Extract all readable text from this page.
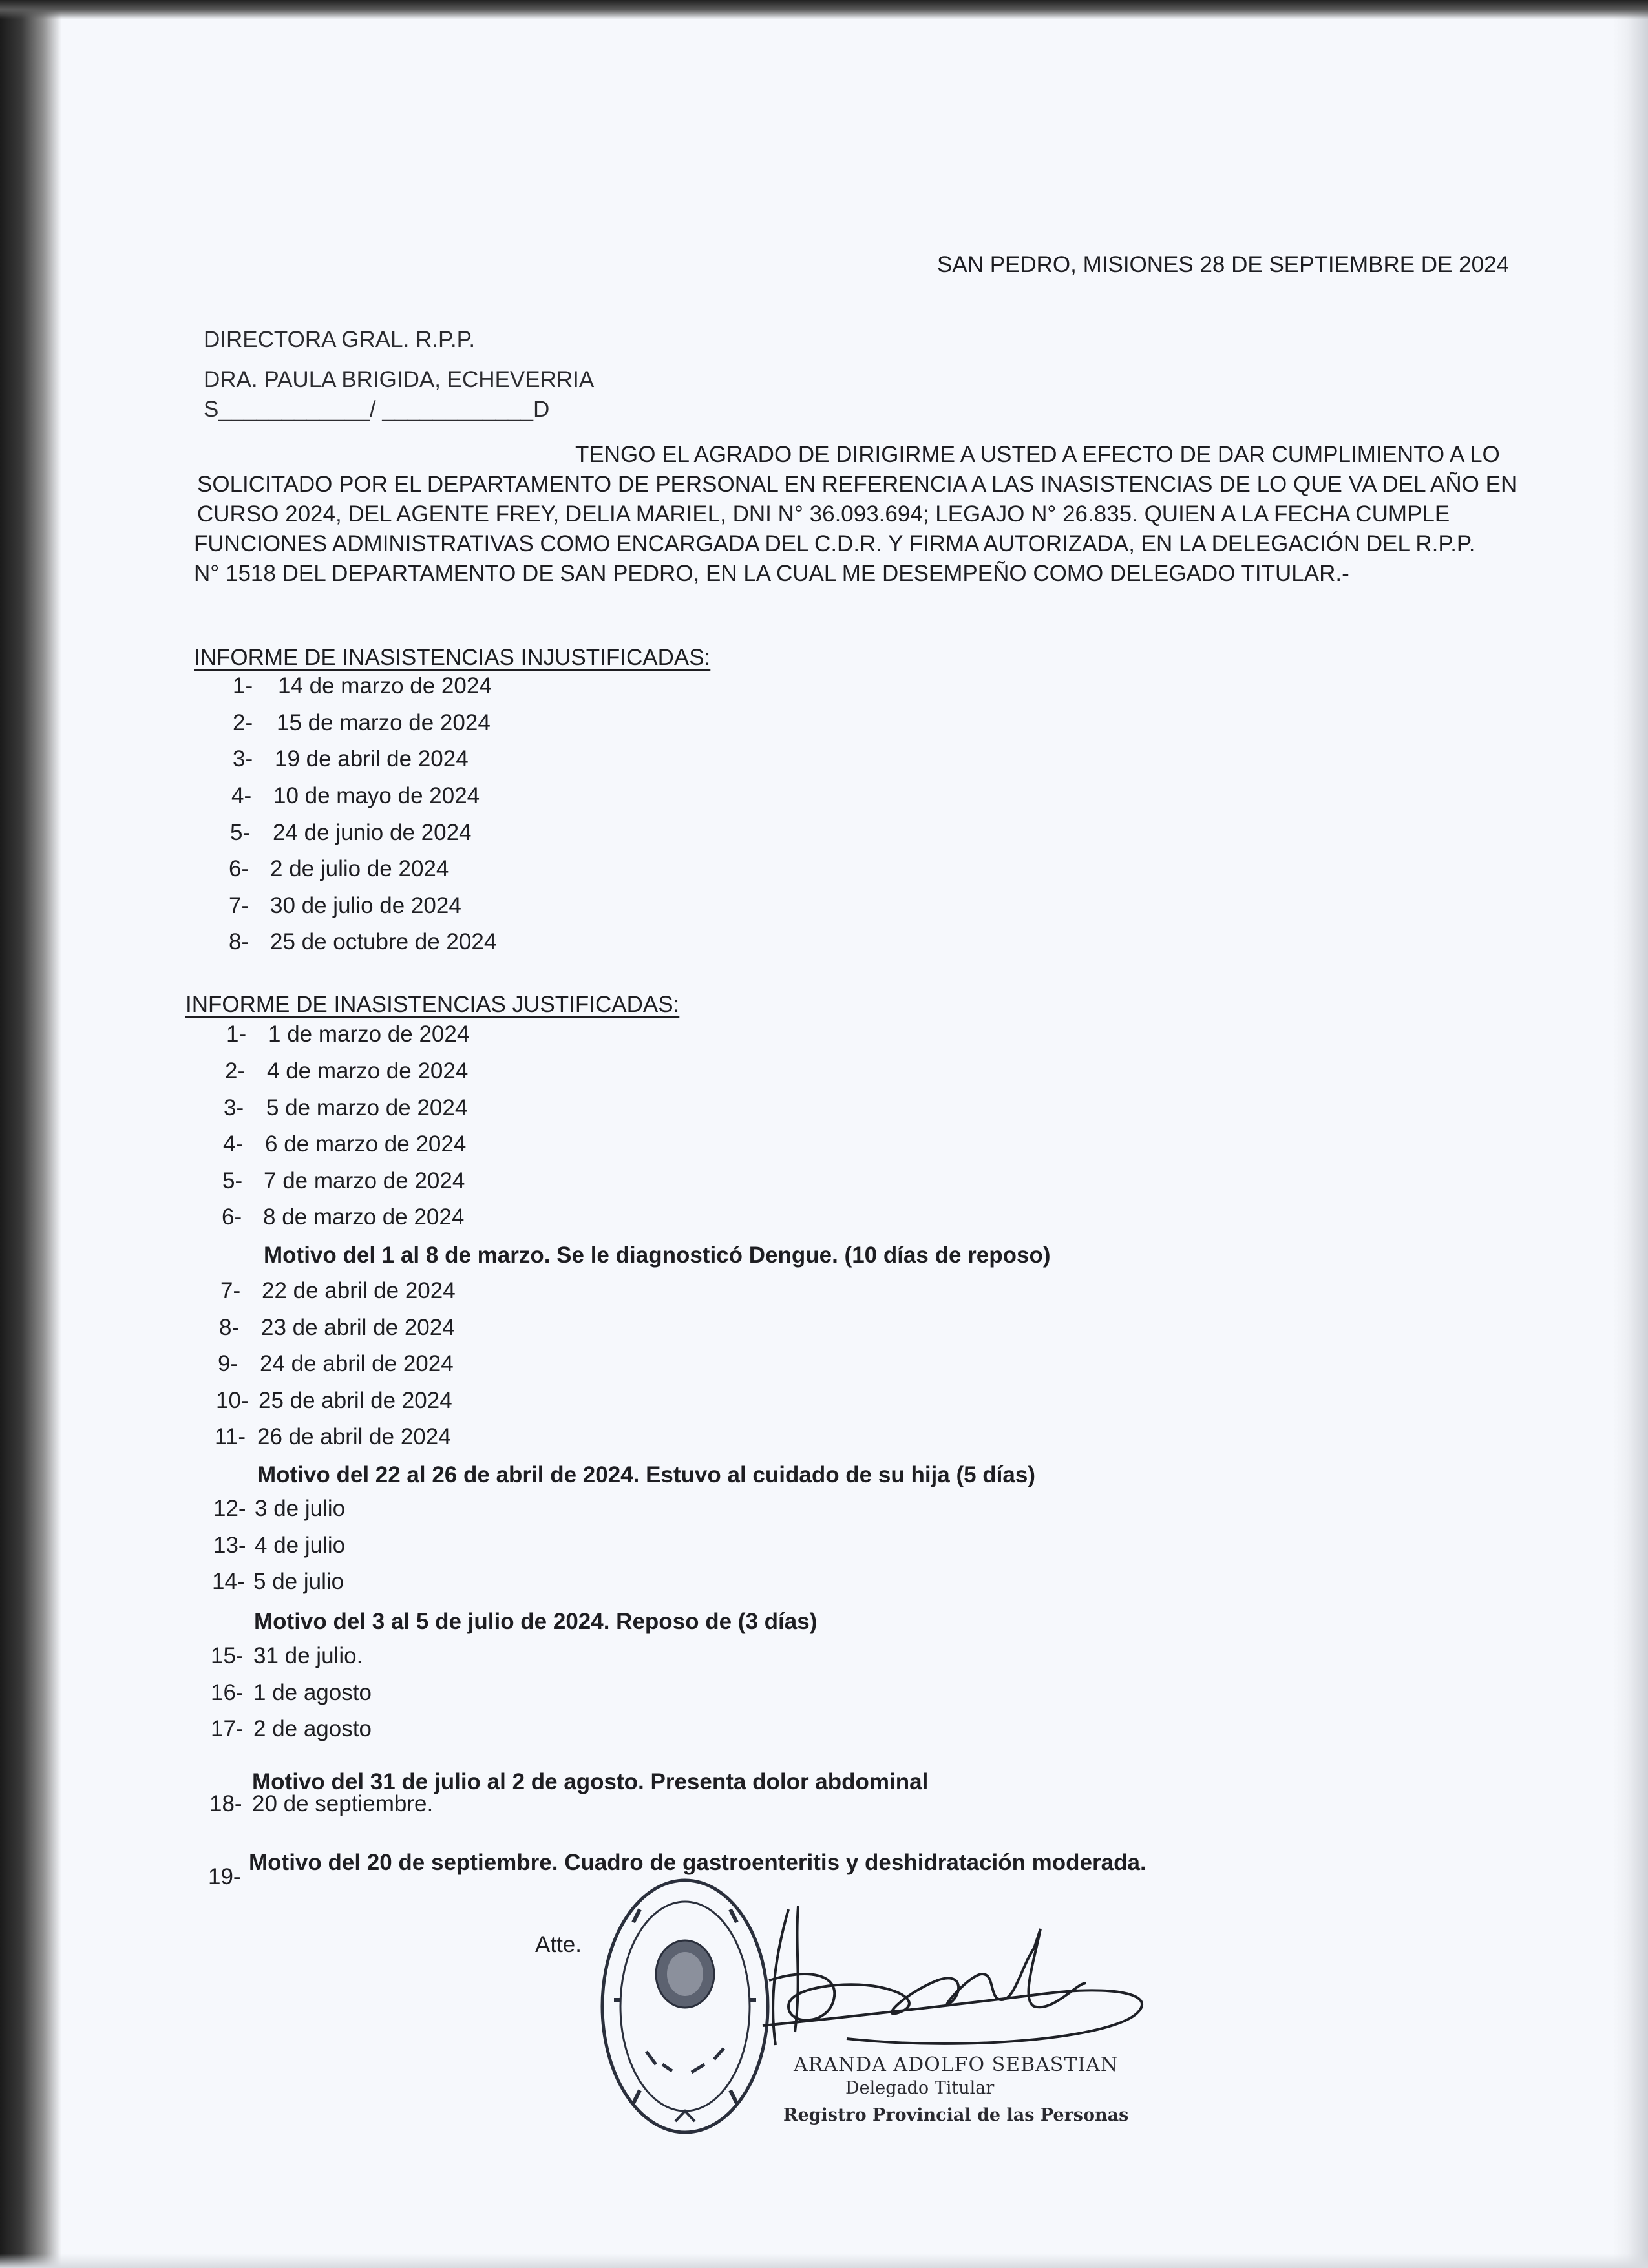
SAN PEDRO, MISIONES 28 DE SEPTIEMBRE DE 2024
DIRECTORA GRAL. R.P.P.
DRA. PAULA BRIGIDA, ECHEVERRIA
S____________/ ____________D
TENGO EL AGRADO DE DIRIGIRME A USTED A EFECTO DE DAR CUMPLIMIENTO A LO
SOLICITADO POR EL DEPARTAMENTO DE PERSONAL EN REFERENCIA A LAS INASISTENCIAS DE LO QUE VA DEL AÑO EN
CURSO 2024, DEL AGENTE FREY, DELIA MARIEL, DNI N° 36.093.694; LEGAJO N° 26.835. QUIEN A LA FECHA CUMPLE
FUNCIONES ADMINISTRATIVAS COMO ENCARGADA DEL C.D.R. Y FIRMA AUTORIZADA, EN LA DELEGACIÓN DEL R.P.P.
N° 1518 DEL DEPARTAMENTO DE SAN PEDRO, EN LA CUAL ME DESEMPEÑO COMO DELEGADO TITULAR.-
INFORME DE INASISTENCIAS INJUSTIFICADAS:
1- 14 de marzo de 2024
2- 15 de marzo de 2024
3- 19 de abril de 2024
4- 10 de mayo de 2024
5- 24 de junio de 2024
6- 2 de julio de 2024
7- 30 de julio de 2024
8- 25 de octubre de 2024
INFORME DE INASISTENCIAS JUSTIFICADAS:
1- 1 de marzo de 2024
2- 4 de marzo de 2024
3- 5 de marzo de 2024
4- 6 de marzo de 2024
5- 7 de marzo de 2024
6- 8 de marzo de 2024
Motivo del 1 al 8 de marzo. Se le diagnosticó Dengue. (10 días de reposo)
7- 22 de abril de 2024
8- 23 de abril de 2024
9- 24 de abril de 2024
10- 25 de abril de 2024
11- 26 de abril de 2024
Motivo del 22 al 26 de abril de 2024. Estuvo al cuidado de su hija (5 días)
12- 3 de julio
13- 4 de julio
14- 5 de julio
Motivo del 3 al 5 de julio de 2024. Reposo de (3 días)
15- 31 de julio.
16- 1 de agosto
17- 2 de agosto
Motivo del 31 de julio al 2 de agosto. Presenta dolor abdominal
18- 20 de septiembre.
Motivo del 20 de septiembre. Cuadro de gastroenteritis y deshidratación moderada.
19-
Atte.
ARANDA ADOLFO SEBASTIAN
Delegado Titular
Registro Provincial de las Personas
